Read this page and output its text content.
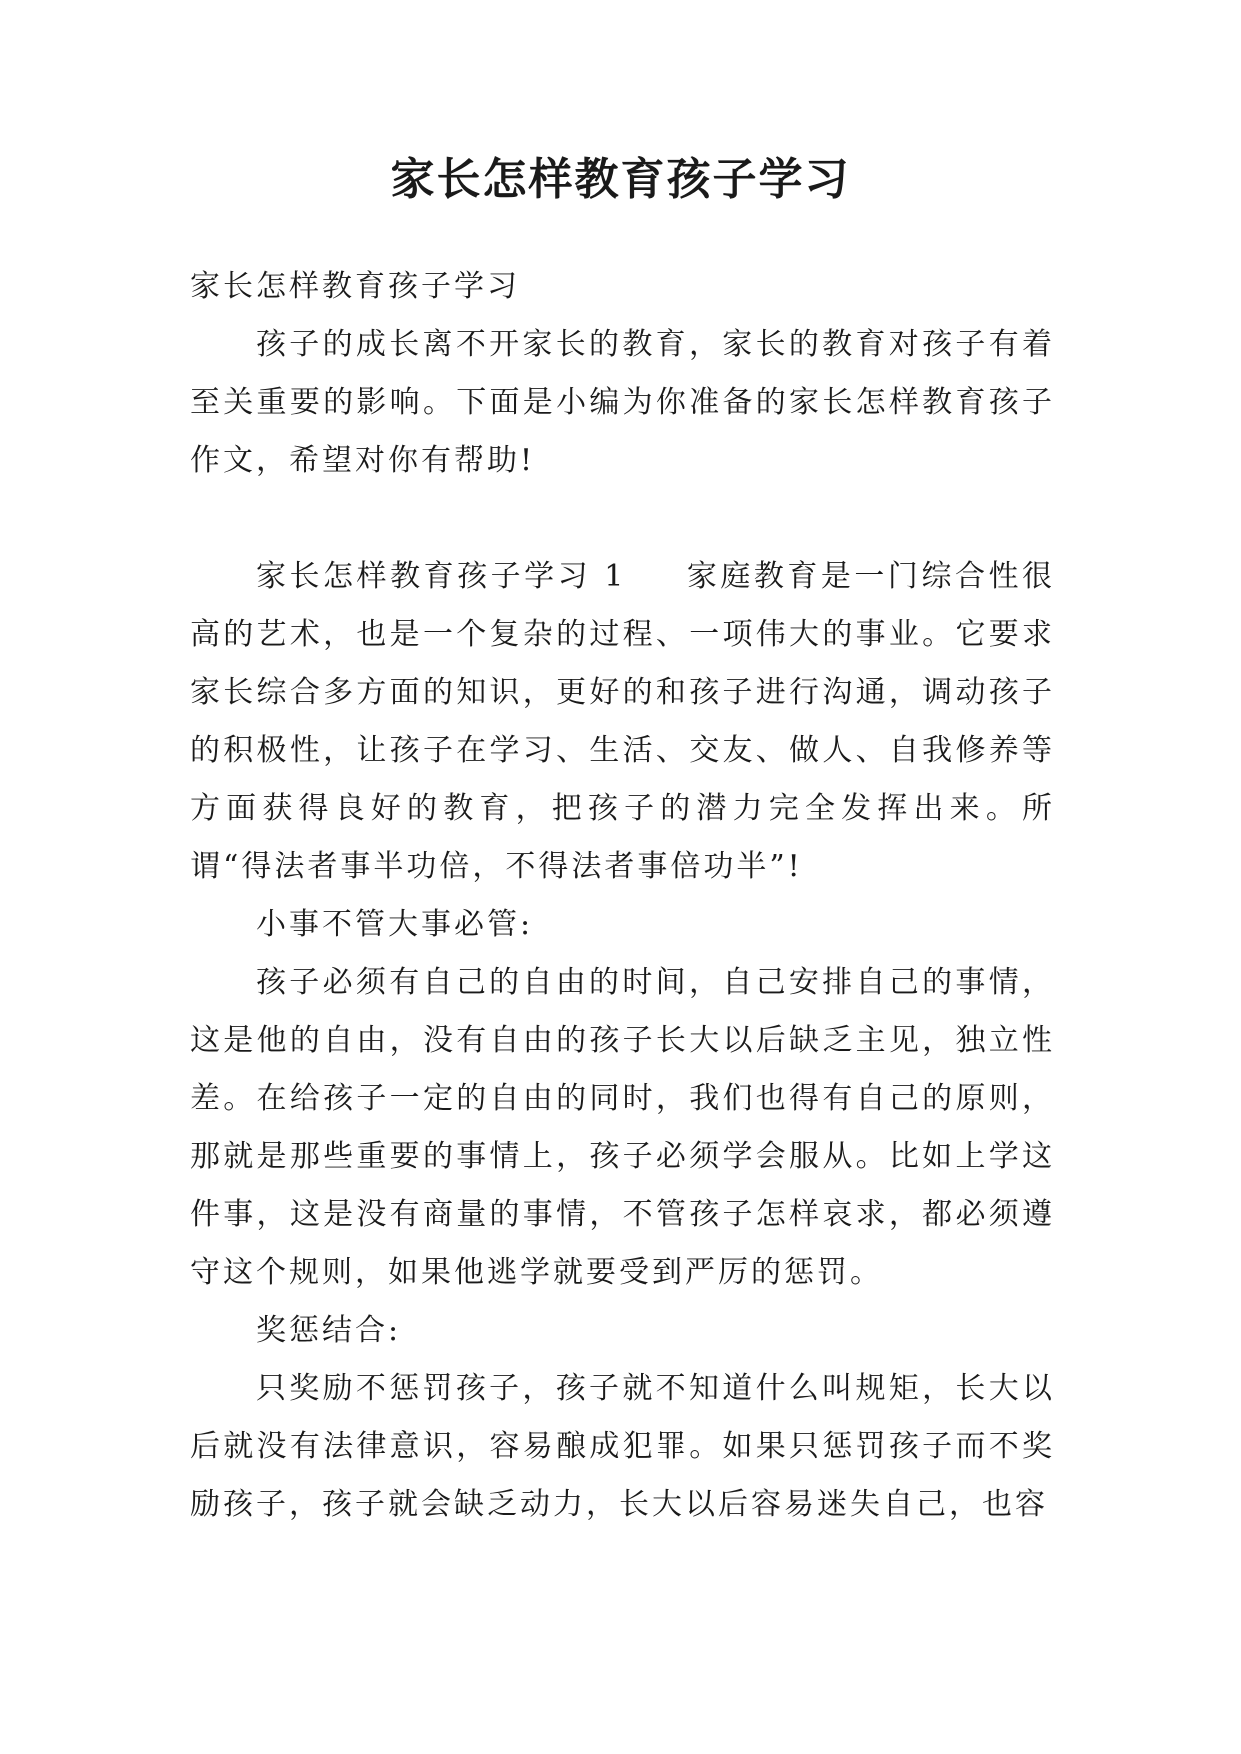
家长怎样教育孩子学习

家长怎样教育孩子学习

孩子的成长离不开家长的教育，家长的教育对孩子有着至关重要的影响。下面是小编为你准备的家长怎样教育孩子作文，希望对你有帮助!

家长怎样教育孩子学习 1 家庭教育是一门综合性很高的艺术，也是一个复杂的过程、一项伟大的事业。它要求家长综合多方面的知识，更好的和孩子进行沟通，调动孩子的积极性，让孩子在学习、生活、交友、做人、自我修养等方面获得良好的教育，把孩子的潜力完全发挥出来。所谓“得法者事半功倍，不得法者事倍功半”!

小事不管大事必管:

孩子必须有自己的自由的时间，自己安排自己的事情，这是他的自由，没有自由的孩子长大以后缺乏主见，独立性差。在给孩子一定的自由的同时，我们也得有自己的原则，那就是那些重要的事情上，孩子必须学会服从。比如上学这件事，这是没有商量的事情，不管孩子怎样哀求，都必须遵守这个规则，如果他逃学就要受到严厉的惩罚。

奖惩结合:

只奖励不惩罚孩子，孩子就不知道什么叫规矩，长大以后就没有法律意识，容易酿成犯罪。如果只惩罚孩子而不奖励孩子，孩子就会缺乏动力，长大以后容易迷失自己，也容
